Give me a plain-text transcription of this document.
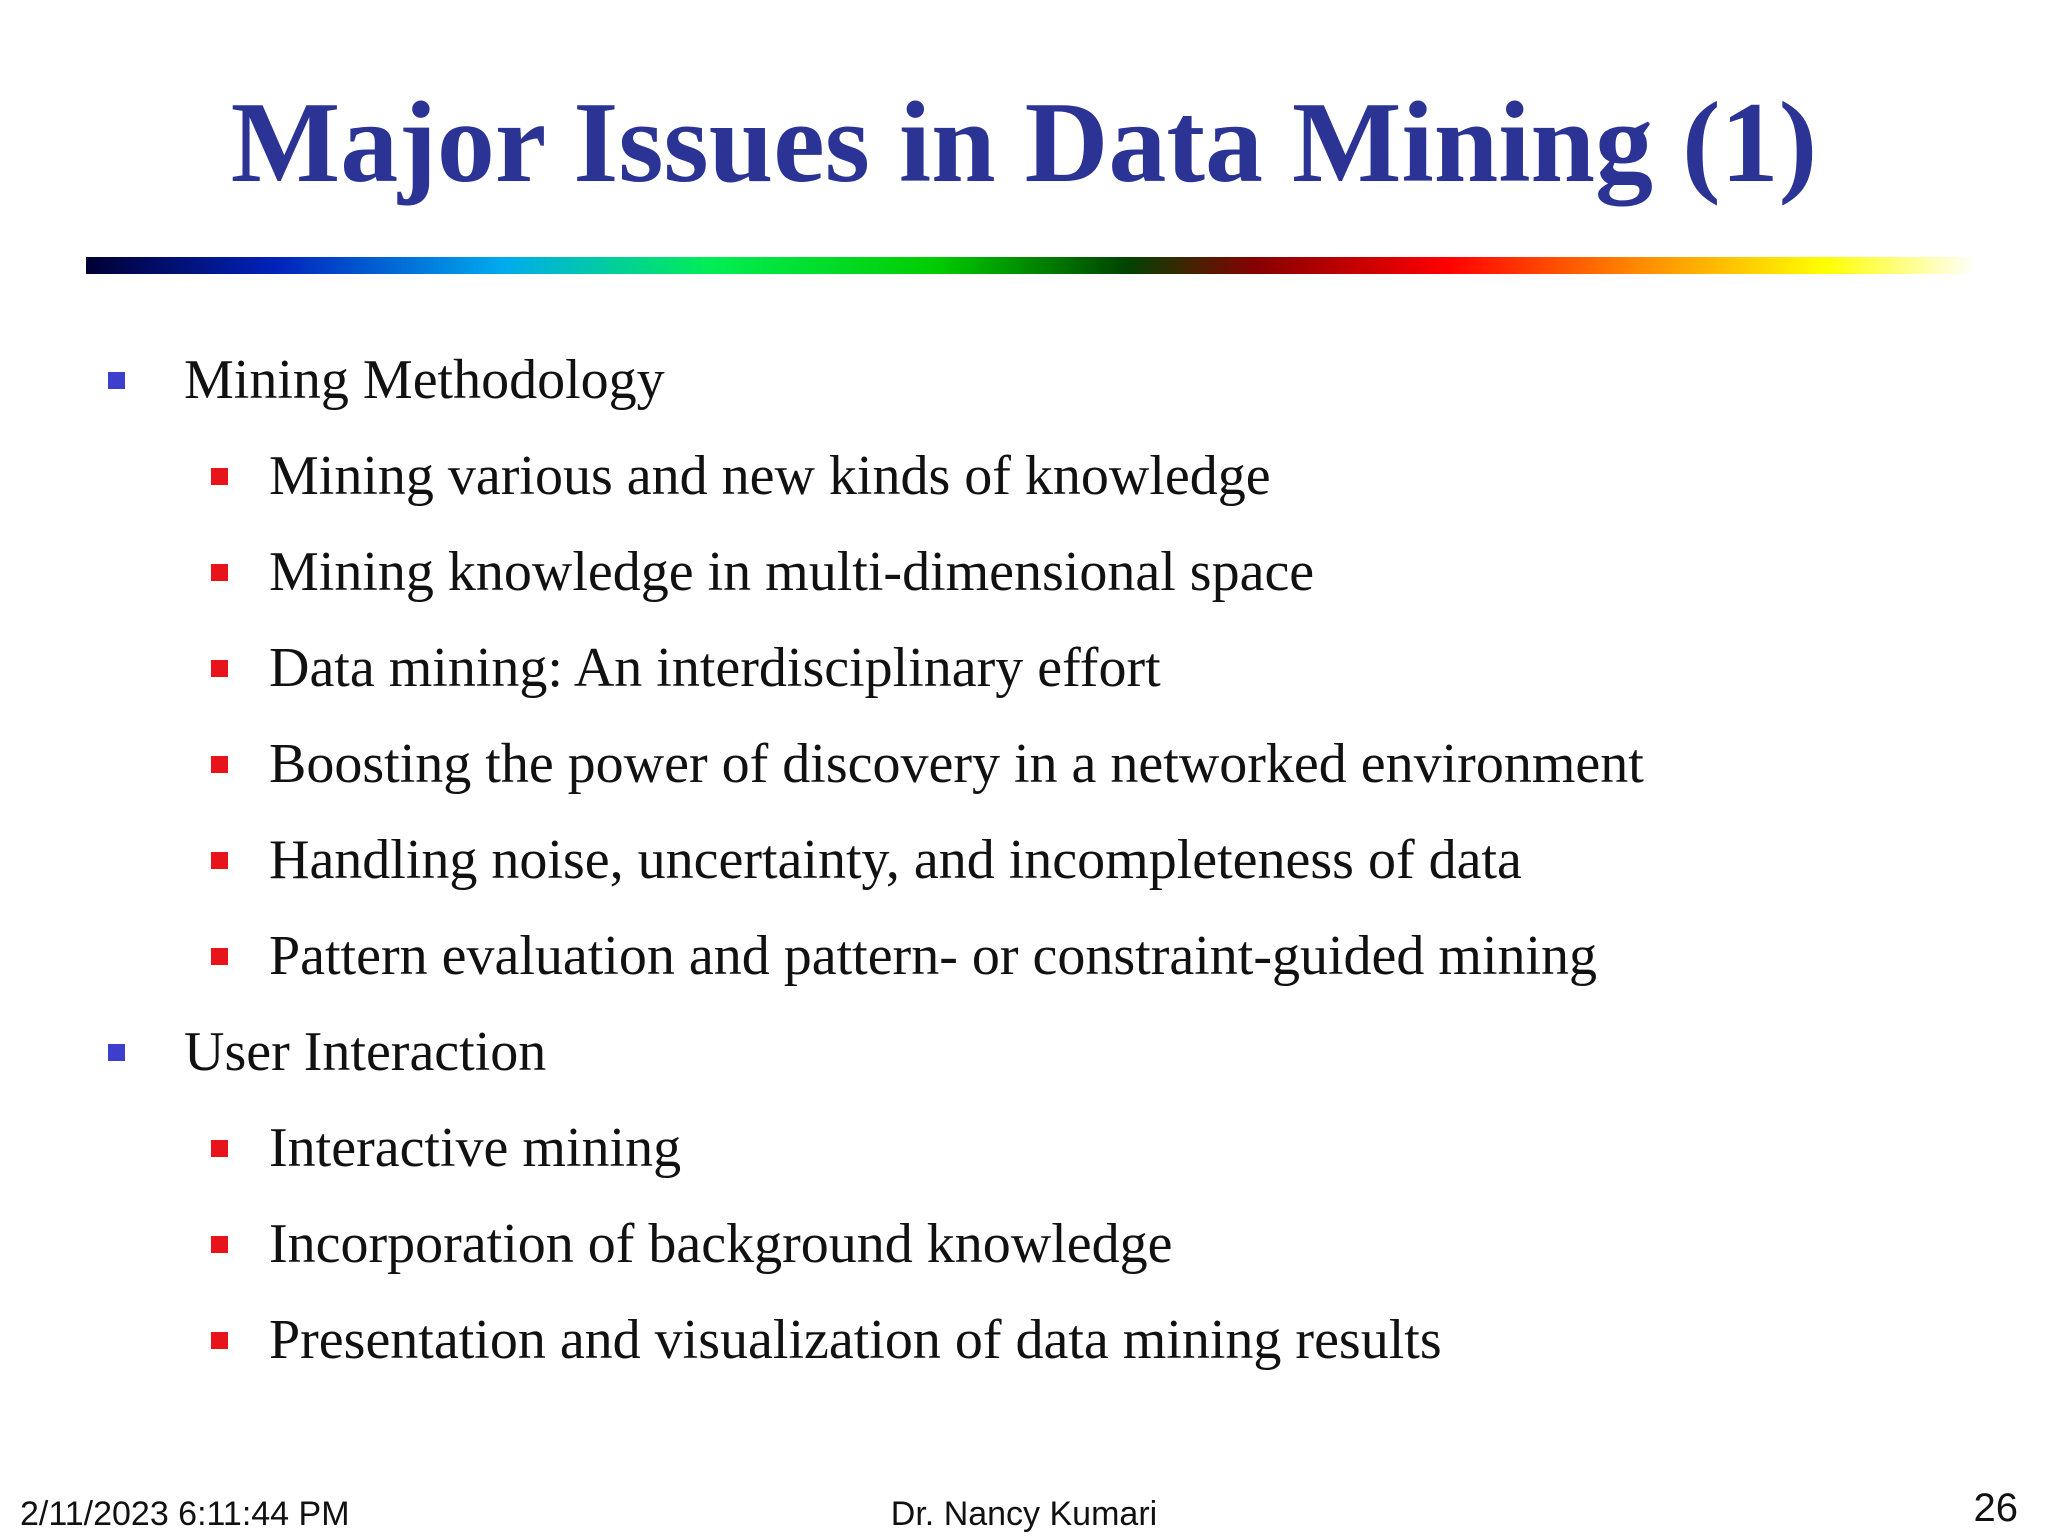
Major Issues in Data Mining (1)
Mining Methodology
Mining various and new kinds of knowledge
Mining knowledge in multi-dimensional space
Data mining: An interdisciplinary effort
Boosting the power of discovery in a networked environment
Handling noise, uncertainty, and incompleteness of data
Pattern evaluation and pattern- or constraint-guided mining
User Interaction
Interactive mining
Incorporation of background knowledge
Presentation and visualization of data mining results
2/11/2023 6:11:44 PM	Dr. Nancy Kumari	26
